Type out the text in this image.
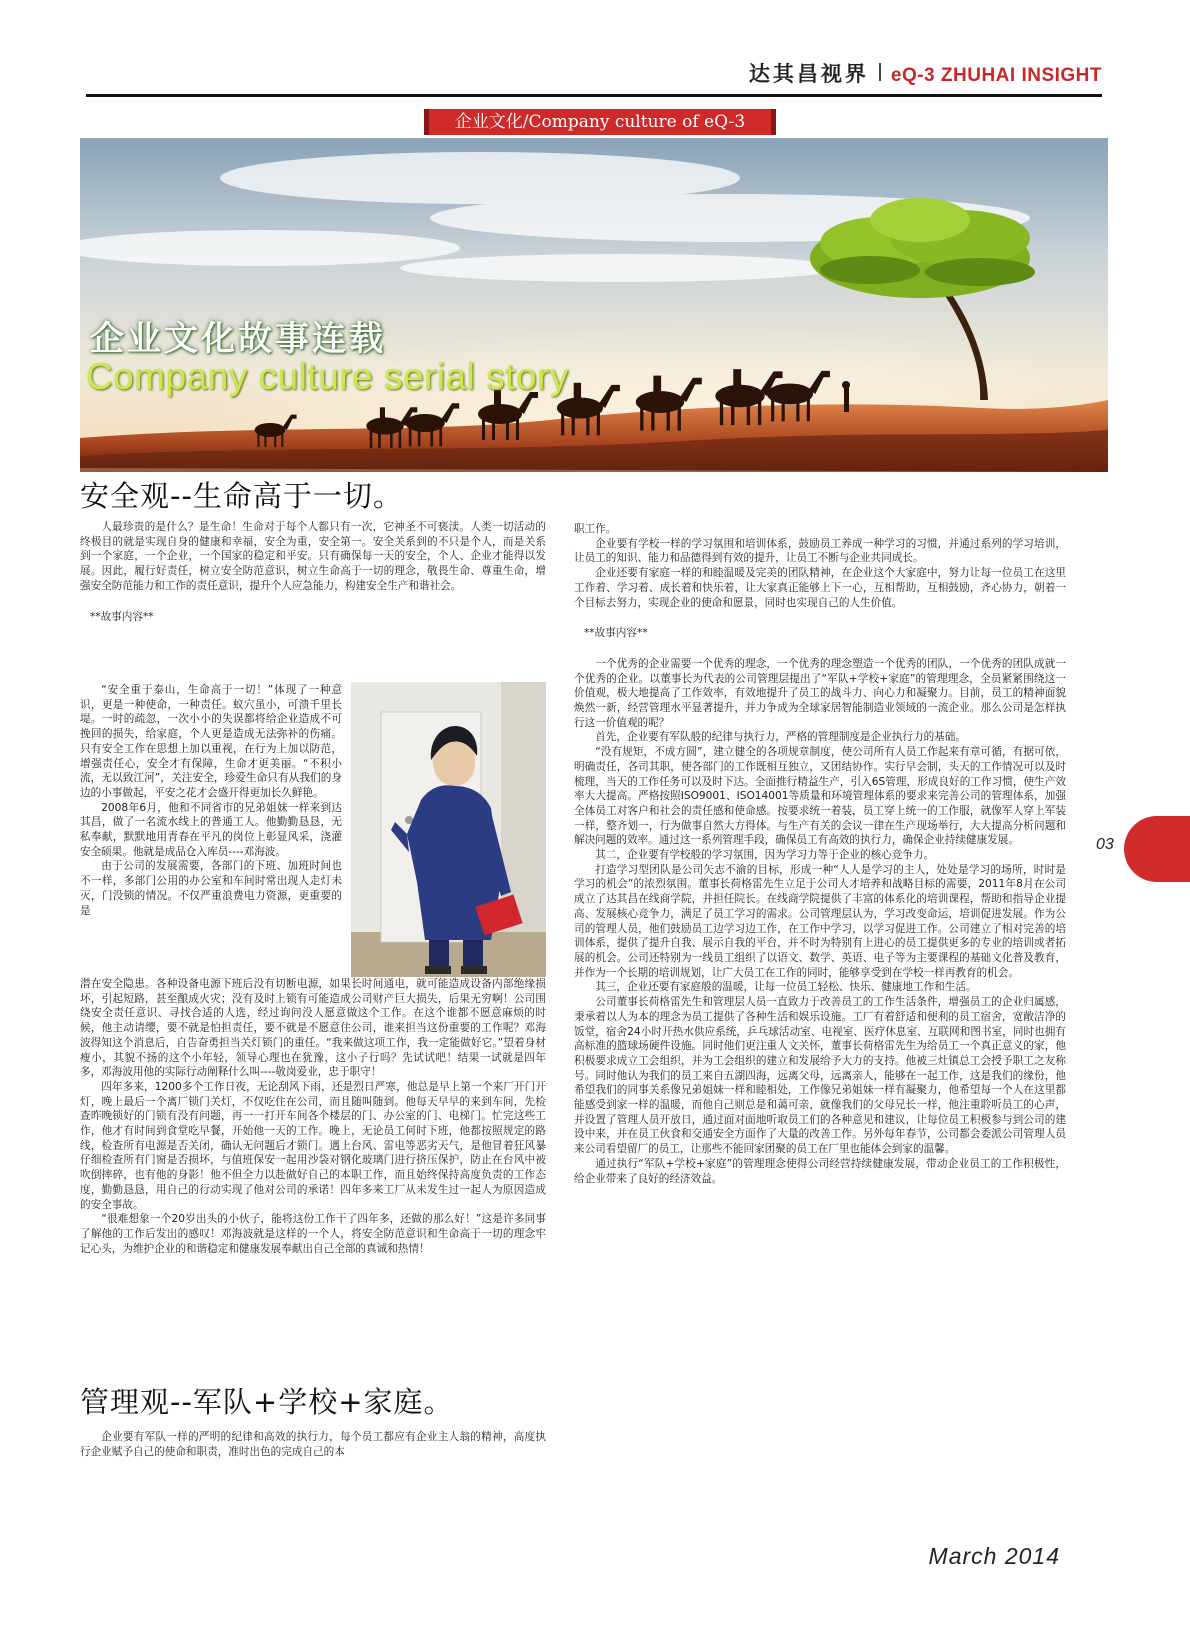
达其昌视界 eQ-3 ZHUHAI INSIGHT
企业文化/Company culture of eQ-3
企业文化故事连载
Company culture serial story
安全观--生命高于一切。

人最珍贵的是什么？是生命！生命对于每个人都只有一次，它神圣不可亵渎。人类一切活动的终极目的就是实现自身的健康和幸福，安全为重，安全第一。安全关系到的不只是个人，而是关系到一个家庭，一个企业，一个国家的稳定和平安。只有确保每一天的安全，个人、企业才能得以发展。因此，履行好责任，树立安全防范意识，树立生命高于一切的理念，敬畏生命、尊重生命，增强安全防范能力和工作的责任意识，提升个人应急能力，构建安全生产和谐社会。

**故事内容**

“安全重于泰山，生命高于一切！”体现了一种意识，更是一种使命，一种责任。蚁穴虽小，可溃千里长堤。一时的疏忽，一次小小的失误都将给企业造成不可挽回的损失，给家庭，个人更是造成无法弥补的伤痛。只有安全工作在思想上加以重视，在行为上加以防范，增强责任心，安全才有保障，生命才更美丽。“不积小流，无以致江河”，关注安全，珍爱生命只有从我们的身边的小事做起，平安之花才会盛开得更加长久鲜艳。

2008年6月，他和不同省市的兄弟姐妹一样来到达其昌，做了一名流水线上的普通工人。他勤勤恳恳，无私奉献，默默地用青春在平凡的岗位上彰显风采，浇灌安全硕果。他就是成品仓入库员----邓海波。

由于公司的发展需要，各部门的下班、加班时间也不一样，多部门公用的办公室和车间时常出现人走灯未灭，门没锁的情况。不仅严重浪费电力资源，更重要的是

潜在安全隐患。各种设备电源下班后没有切断电源，如果长时间通电，就可能造成设备内部绝缘损坏，引起短路，甚至酿成火灾；没有及时上锁有可能造成公司财产巨大损失，后果无穷啊！公司围绕安全责任意识、寻找合适的人选，经过询问没人愿意做这个工作。在这个谁都不愿意麻烦的时候，他主动请缨，要不就是怕担责任，要不就是不愿意住公司，谁来担当这份重要的工作呢？邓海波得知这个消息后，自告奋勇担当关灯锁门的重任。“我来做这项工作，我一定能做好它。”望着身材瘦小，其貌不扬的这个小年轻，领导心理也在犹豫，这小子行吗？先试试吧！结果一试就是四年多，邓海波用他的实际行动阐释什么叫----敬岗爱业，忠于职守！

四年多来，1200多个工作日夜，无论刮风下雨，还是烈日严寒，他总是早上第一个来厂开门开灯，晚上最后一个离厂锁门关灯，不仅吃住在公司，而且随叫随到。他每天早早的来到车间，先检查昨晚锁好的门锁有没有问题，再一一打开车间各个楼层的门、办公室的门、电梯门。忙完这些工作，他才有时间到食堂吃早餐，开始他一天的工作。晚上，无论员工何时下班，他都按照规定的路线，检查所有电源是否关闭，确认无问题后才锁门。遇上台风、雷电等恶劣天气，是他冒着狂风暴仔细检查所有门窗是否损坏，与值班保安一起用沙袋对钢化玻璃门进行挤压保护，防止在台风中被吹倒摔碎，也有他的身影！他不但全力以赴做好自己的本职工作，而且始终保持高度负责的工作态度，勤勤恳恳，用自己的行动实现了他对公司的承诺！四年多来工厂从未发生过一起人为原因造成的安全事故。

“很难想象一个20岁出头的小伙子，能将这份工作干了四年多，还做的那么好！”这是许多同事了解他的工作后发出的感叹！邓海波就是这样的一个人，将安全防范意识和生命高于一切的理念牢记心头，为维护企业的和谐稳定和健康发展奉献出自己全部的真诚和热情！

管理观--军队+学校+家庭。

企业要有军队一样的严明的纪律和高效的执行力，每个员工都应有企业主人翁的精神，高度执行企业赋予自己的使命和职责，准时出色的完成自己的本

职工作。

企业要有学校一样的学习氛围和培训体系，鼓励员工养成一种学习的习惯，并通过系列的学习培训，让员工的知识、能力和品德得到有效的提升，让员工不断与企业共同成长。

企业还要有家庭一样的和睦温暖及完美的团队精神，在企业这个大家庭中，努力让每一位员工在这里工作着、学习着、成长着和快乐着，让大家真正能够上下一心，互相帮助，互相鼓励，齐心协力，朝着一个目标去努力，实现企业的使命和愿景，同时也实现自己的人生价值。

**故事内容**

一个优秀的企业需要一个优秀的理念，一个优秀的理念塑造一个优秀的团队，一个优秀的团队成就一个优秀的企业。以董事长为代表的公司管理层提出了“军队+学校+家庭”的管理理念，全员紧紧围绕这一价值观，极大地提高了工作效率，有效地提升了员工的战斗力、向心力和凝聚力。目前，员工的精神面貌焕然一新，经营管理水平显著提升，并力争成为全球家居智能制造业领域的一流企业。那么公司是怎样执行这一价值观的呢？

首先，企业要有军队般的纪律与执行力，严格的管理制度是企业执行力的基础。

“没有规矩，不成方圆”，建立健全的各项规章制度，使公司所有人员工作起来有章可循，有据可依，明确责任，各司其职，使各部门的工作既相互独立，又团结协作。实行早会制，头天的工作情况可以及时梳理，当天的工作任务可以及时下达。全面推行精益生产，引入6S管理，形成良好的工作习惯，使生产效率大大提高。严格按照ISO9001、ISO14001等质量和环境管理体系的要求来完善公司的管理体系，加强全体员工对客户和社会的责任感和使命感。按要求统一着装，员工穿上统一的工作服，就像军人穿上军装一样，整齐划一，行为做事自然大方得体。与生产有关的会议一律在生产现场举行，大大提高分析问题和解决问题的效率。通过这一系列管理手段，确保员工有高效的执行力，确保企业持续健康发展。

其二，企业要有学校般的学习氛围，因为学习力等于企业的核心竞争力。

打造学习型团队是公司矢志不渝的目标，形成一种“人人是学习的主人，处处是学习的场所，时时是学习的机会”的浓烈氛围。董事长荷格雷先生立足于公司人才培养和战略目标的需要，2011年8月在公司成立了达其昌在线商学院，并担任院长。在线商学院提供了丰富的体系化的培训课程，帮助和指导企业提高、发展核心竞争力，满足了员工学习的需求。公司管理层认为，学习改变命运，培训促进发展。作为公司的管理人员，他们鼓励员工边学习边工作，在工作中学习，以学习促进工作。公司建立了相对完善的培训体系，提供了提升自我、展示自我的平台，并不时为特别有上进心的员工提供更多的专业的培训或者拓展的机会。公司还特别为一线员工组织了以语文、数学、英语、电子等为主要课程的基础文化普及教育，并作为一个长期的培训规划，让广大员工在工作的同时，能够享受到在学校一样再教育的机会。

其三，企业还要有家庭般的温暖，让每一位员工轻松、快乐、健康地工作和生活。

公司董事长荷格雷先生和管理层人员一直致力于改善员工的工作生活条件，增强员工的企业归属感，秉承着以人为本的理念为员工提供了各种生活和娱乐设施。工厂有着舒适和便利的员工宿舍，宽敞洁净的饭堂，宿舍24小时开热水供应系统，乒乓球活动室、电视室、医疗休息室、互联网和图书室，同时也拥有高标准的篮球场硬件设施。同时他们更注重人文关怀，董事长荷格雷先生为给员工一个真正意义的家，他积极要求成立工会组织，并为工会组织的建立和发展给予大力的支持。他被三灶镇总工会授予职工之友称号。同时他认为我们的员工来自五湖四海，远离父母，远离亲人，能够在一起工作，这是我们的缘份，他希望我们的同事关系像兄弟姐妹一样和睦相处，工作像兄弟姐妹一样有凝聚力，他希望每一个人在这里都能感受到家一样的温暖，而他自己则总是和蔼可亲，就像我们的父母兄长一样，他注重聆听员工的心声，并设置了管理人员开放日，通过面对面地听取员工们的各种意见和建议，让每位员工积极参与到公司的建设中来，并在员工伙食和交通安全方面作了大量的改善工作。另外每年春节，公司都会委派公司管理人员来公司看望留厂的员工，让那些不能回家团聚的员工在厂里也能体会到家的温馨。

通过执行“军队+学校+家庭”的管理理念使得公司经营持续健康发展，带动企业员工的工作积极性，给企业带来了良好的经济效益。

03
March 2014
